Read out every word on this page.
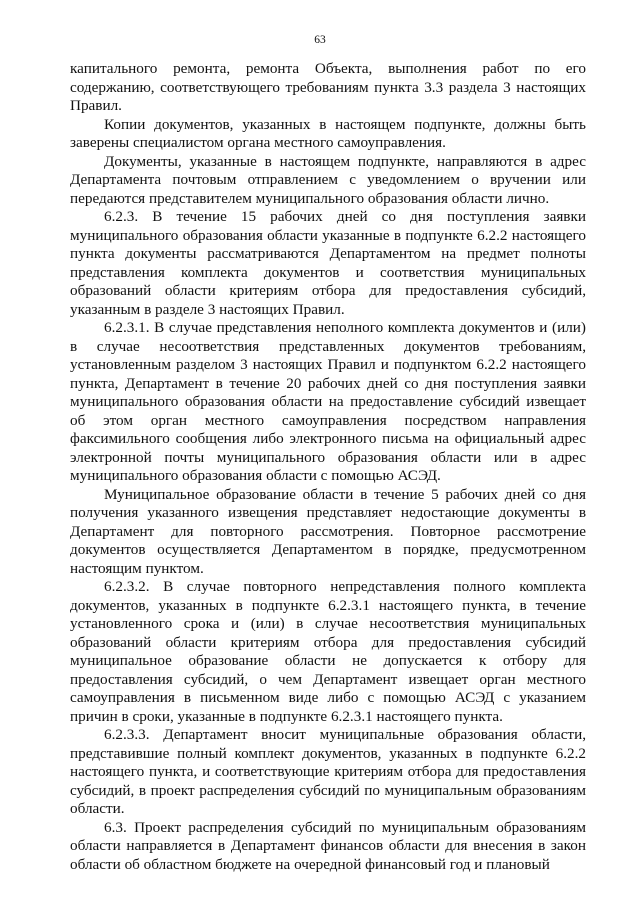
63

капитального ремонта, ремонта Объекта, выполнения работ по его содержанию, соответствующего требованиям пункта 3.3 раздела 3 настоящих Правил.

Копии документов, указанных в настоящем подпункте, должны быть заверены специалистом органа местного самоуправления.

Документы, указанные в настоящем подпункте, направляются в адрес Департамента почтовым отправлением с уведомлением о вручении или передаются представителем муниципального образования области лично.

6.2.3. В течение 15 рабочих дней со дня поступления заявки муниципального образования области указанные в подпункте 6.2.2 настоящего пункта документы рассматриваются Департаментом на предмет полноты представления комплекта документов и соответствия муниципальных образований области критериям отбора для предоставления субсидий, указанным в разделе 3 настоящих Правил.

6.2.3.1. В случае представления неполного комплекта документов и (или) в случае несоответствия представленных документов требованиям, установленным разделом 3 настоящих Правил и подпунктом 6.2.2 настоящего пункта, Департамент в течение 20 рабочих дней со дня поступления заявки муниципального образования области на предоставление субсидий извещает об этом орган местного самоуправления посредством направления факсимильного сообщения либо электронного письма на официальный адрес электронной почты муниципального образования области или в адрес муниципального образования области с помощью АСЭД.

Муниципальное образование области в течение 5 рабочих дней со дня получения указанного извещения представляет недостающие документы в Департамент для повторного рассмотрения. Повторное рассмотрение документов осуществляется Департаментом в порядке, предусмотренном настоящим пунктом.

6.2.3.2. В случае повторного непредставления полного комплекта документов, указанных в подпункте 6.2.3.1 настоящего пункта, в течение установленного срока и (или) в случае несоответствия муниципальных образований области критериям отбора для предоставления субсидий муниципальное образование области не допускается к отбору для предоставления субсидий, о чем Департамент извещает орган местного самоуправления в письменном виде либо с помощью АСЭД с указанием причин в сроки, указанные в подпункте 6.2.3.1 настоящего пункта.

6.2.3.3. Департамент вносит муниципальные образования области, представившие полный комплект документов, указанных в подпункте 6.2.2 настоящего пункта, и соответствующие критериям отбора для предоставления субсидий, в проект распределения субсидий по муниципальным образованиям области.

6.3. Проект распределения субсидий по муниципальным образованиям области направляется в Департамент финансов области для внесения в закон области об областном бюджете на очередной финансовый год и плановый
